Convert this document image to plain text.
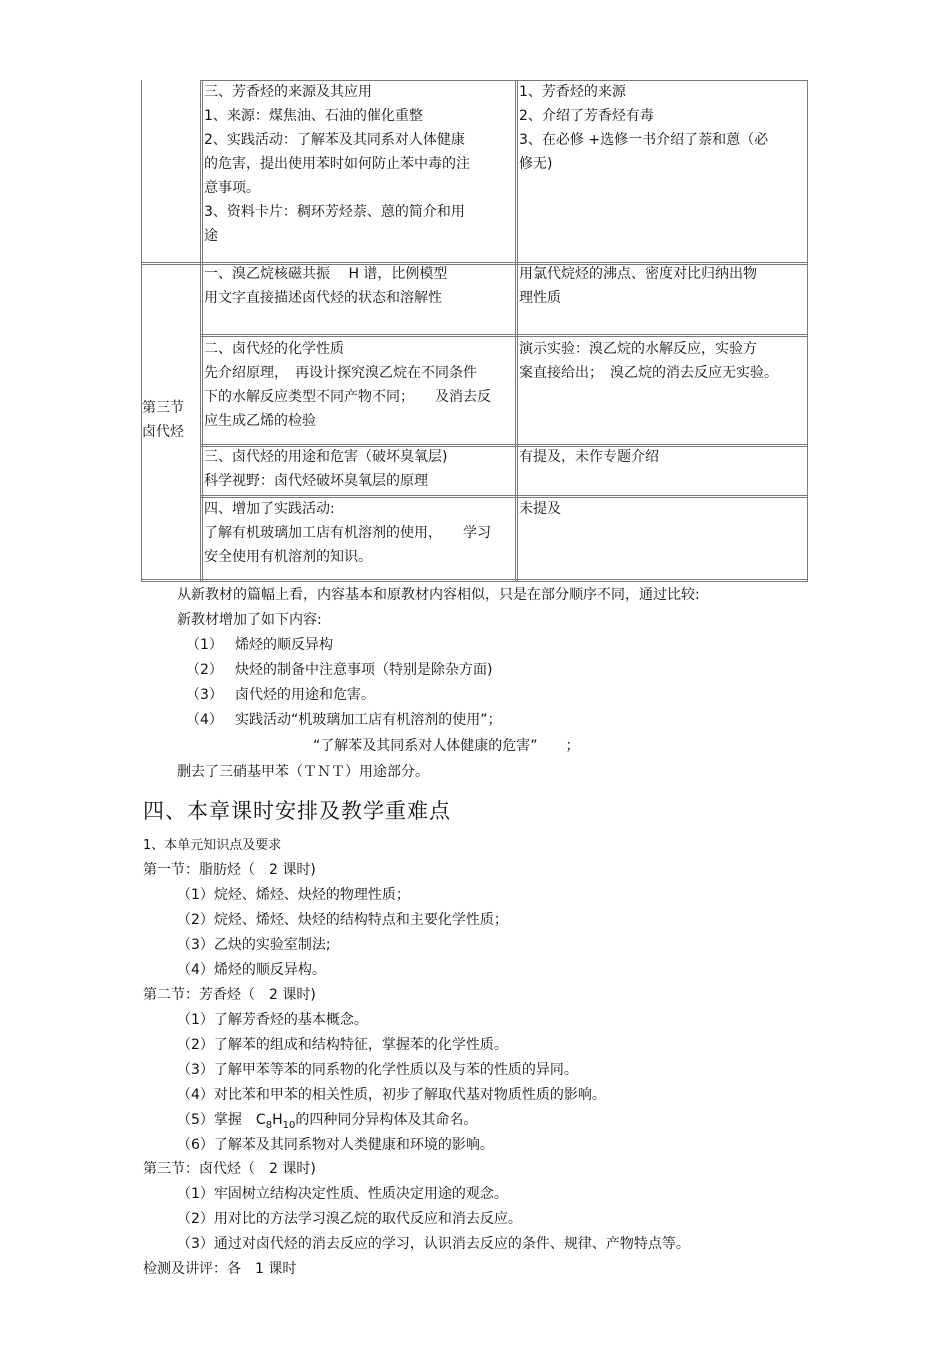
三、芳香烃的来源及其应用
1、来源：煤焦油、石油的催化重整
2、实践活动：了解苯及其同系对人体健康
的危害，提出使用苯时如何防止苯中毒的注
意事项。
3、资料卡片：稠环芳烃萘、蒽的简介和用
途
1、芳香烃的来源
2、介绍了芳香烃有毒
3、在必修 +选修一书介绍了萘和蒽（必
修无)
第三节
卤代烃
一、溴乙烷核磁共振　 H 谱，比例模型
用文字直接描述卤代烃的状态和溶解性
用氯代烷烃的沸点、密度对比归纳出物
理性质
二、卤代烃的化学性质
先介绍原理，　再设计探究溴乙烷在不同条件
下的水解反应类型不同产物不同；　　及消去反
应生成乙烯的检验
演示实验：溴乙烷的水解反应，实验方
案直接给出；　溴乙烷的消去反应无实验。
三、卤代烃的用途和危害（破坏臭氧层)
科学视野：卤代烃破坏臭氧层的原理
有提及，未作专题介绍
四、增加了实践活动:
了解有机玻璃加工店有机溶剂的使用，　　学习
安全使用有机溶剂的知识。
未提及
从新教材的篇幅上看，内容基本和原教材内容相似，只是在部分顺序不同，通过比较:
新教材增加了如下内容:
（1） 烯烃的顺反异构
（2） 炔烃的制备中注意事项（特别是除杂方面)
（3） 卤代烃的用途和危害。
（4） 实践活动“机玻璃加工店有机溶剂的使用”；
“了解苯及其同系对人体健康的危害”　　；
删去了三硝基甲苯（ＴＮＴ）用途部分。
四、本章课时安排及教学重难点
1、本单元知识点及要求
第一节：脂肪烃（　2 课时)
（1）烷烃、烯烃、炔烃的物理性质；
（2）烷烃、烯烃、炔烃的结构特点和主要化学性质；
（3）乙炔的实验室制法;
（4）烯烃的顺反异构。
第二节：芳香烃（　2 课时)
（1）了解芳香烃的基本概念。
（2）了解苯的组成和结构特征，掌握苯的化学性质。
（3）了解甲苯等苯的同系物的化学性质以及与苯的性质的异同。
（4）对比苯和甲苯的相关性质，初步了解取代基对物质性质的影响。
（5）掌握　$C_8H_{10}$的四种同分异构体及其命名。
（6）了解苯及其同系物对人类健康和环境的影响。
第三节：卤代烃（　2 课时)
（1）牢固树立结构决定性质、性质决定用途的观念。
（2）用对比的方法学习溴乙烷的取代反应和消去反应。
（3）通过对卤代烃的消去反应的学习，认识消去反应的条件、规律、产物特点等。
检测及讲评：各　1 课时
